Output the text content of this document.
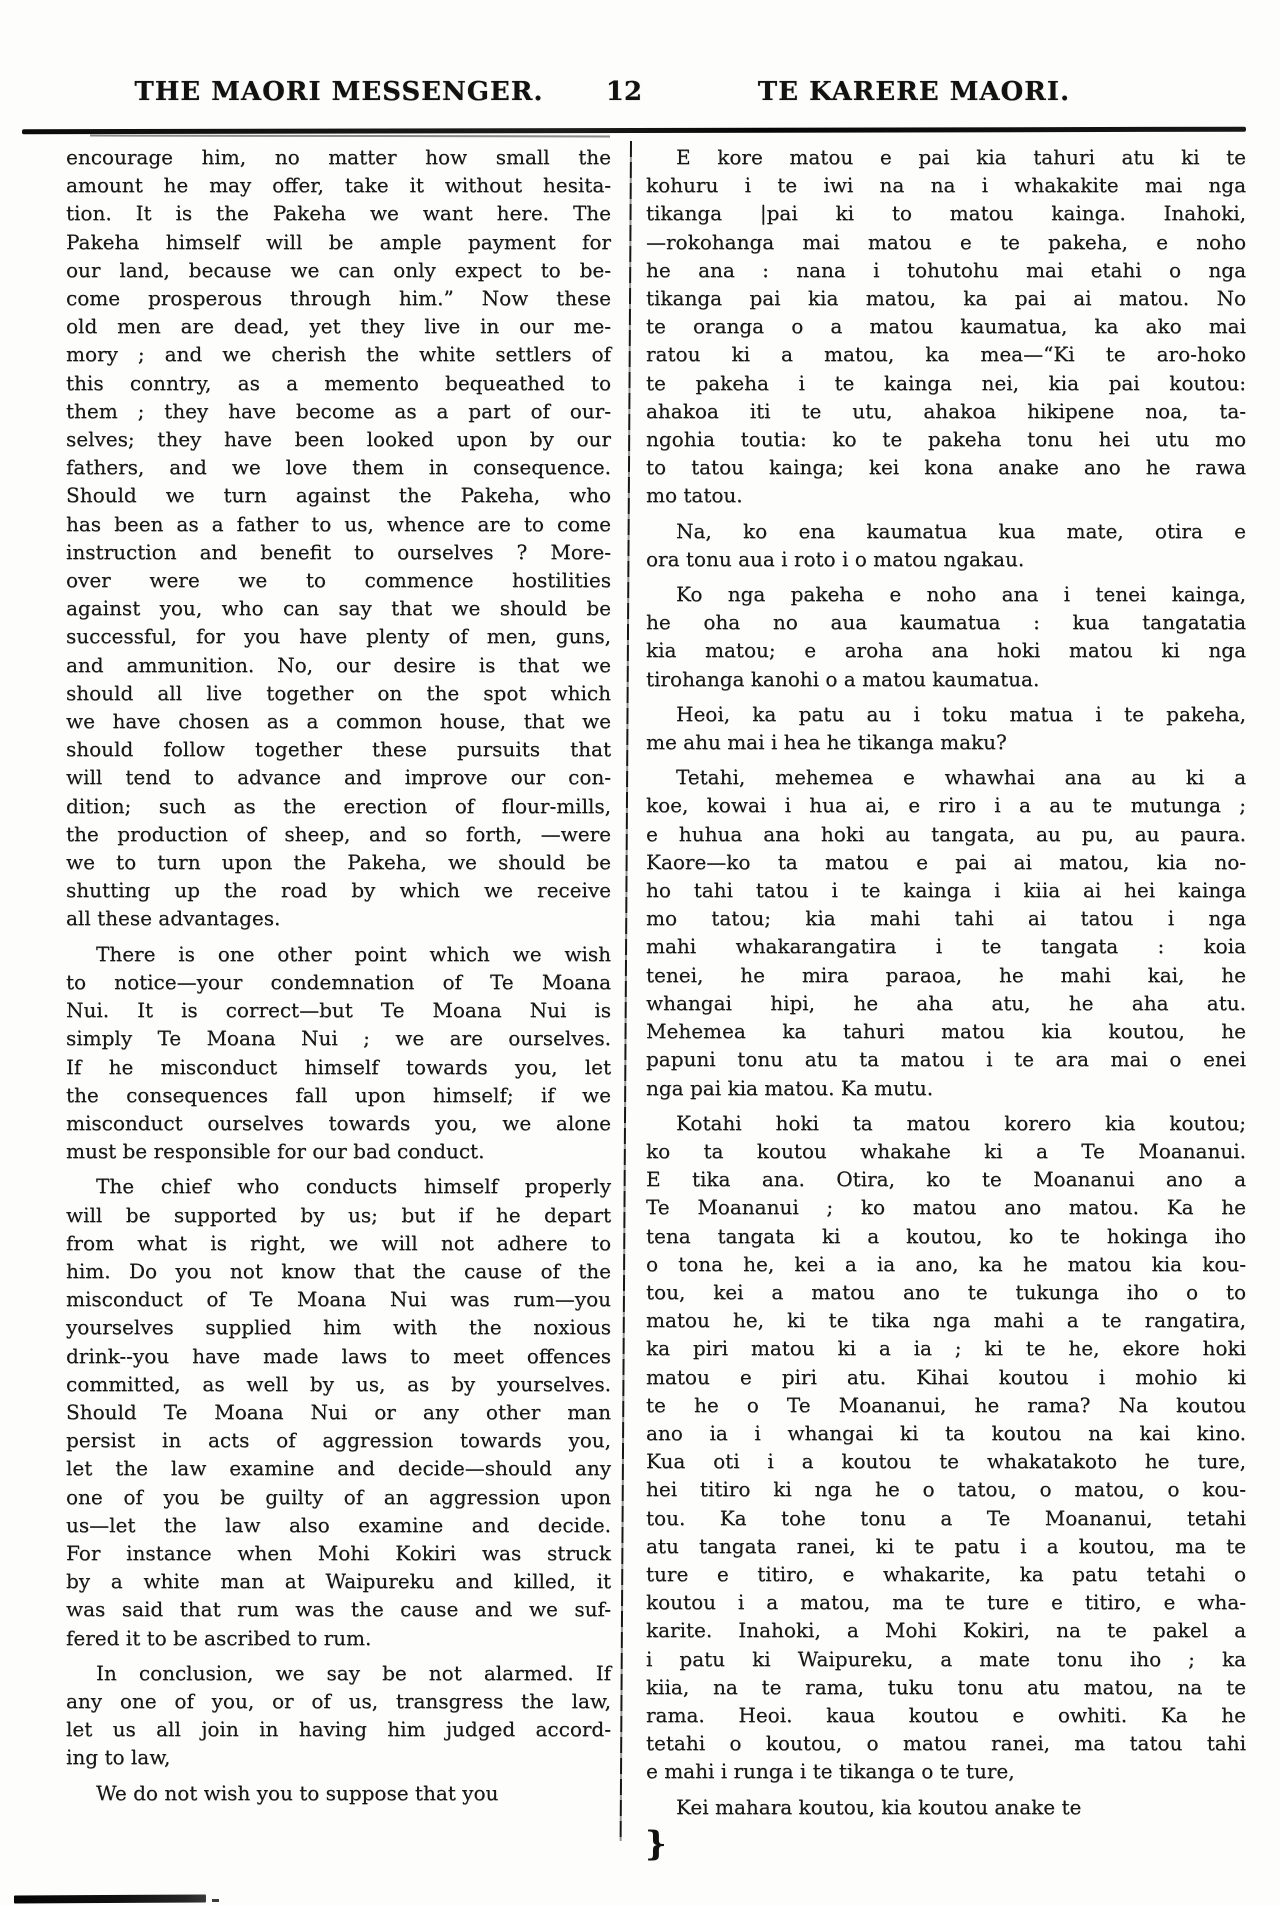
THE MAORI MESSENGER.	12	TE KARERE MAORI.
}
encourage him, no matter how small the
amount he may offer, take it without hesita-
tion. It is the Pakeha we want here. The
Pakeha himself will be ample payment for
our land, because we can only expect to be-
come prosperous through him.” Now these
old men are dead, yet they live in our me-
mory ; and we cherish the white settlers of
this conntry, as a memento bequeathed to
them ; they have become as a part of our-
selves; they have been looked upon by our
fathers, and we love them in consequence.
Should we turn against the Pakeha, who
has been as a father to us, whence are to come
instruction and benefit to ourselves ? More-
over were we to commence hostilities
against you, who can say that we should be
successful, for you have plenty of men, guns,
and ammunition. No, our desire is that we
should all live together on the spot which
we have chosen as a common house, that we
should follow together these pursuits that
will tend to advance and improve our con-
dition; such as the erection of flour-mills,
the production of sheep, and so forth, —were
we to turn upon the Pakeha, we should be
shutting up the road by which we receive
all these advantages.
There is one other point which we wish
to notice—your condemnation of Te Moana
Nui. It is correct—but Te Moana Nui is
simply Te Moana Nui ; we are ourselves.
If he misconduct himself towards you, let
the consequences fall upon himself; if we
misconduct ourselves towards you, we alone
must be responsible for our bad conduct.
The chief who conducts himself properly
will be supported by us; but if he depart
from what is right, we will not adhere to
him. Do you not know that the cause of the
misconduct of Te Moana Nui was rum—you
yourselves supplied him with the noxious
drink--you have made laws to meet offences
committed, as well by us, as by yourselves.
Should Te Moana Nui or any other man
persist in acts of aggression towards you,
let the law examine and decide—should any
one of you be guilty of an aggression upon
us—let the law also examine and decide.
For instance when Mohi Kokiri was struck
by a white man at Waipureku and killed, it
was said that rum was the cause and we suf-
fered it to be ascribed to rum.
In conclusion, we say be not alarmed. If
any one of you, or of us, transgress the law,
let us all join in having him judged accord-
ing to law,
We do not wish you to suppose that you
E kore matou e pai kia tahuri atu ki te
kohuru i te iwi na na i whakakite mai nga
tikanga |pai ki to matou kainga. Inahoki,
—rokohanga mai matou e te pakeha, e noho
he ana : nana i tohutohu mai etahi o nga
tikanga pai kia matou, ka pai ai matou. No
te oranga o a matou kaumatua, ka ako mai
ratou ki a matou, ka mea—“Ki te aro-hoko
te pakeha i te kainga nei, kia pai koutou:
ahakoa iti te utu, ahakoa hikipene noa, ta-
ngohia toutia: ko te pakeha tonu hei utu mo
to tatou kainga; kei kona anake ano he rawa
mo tatou.
Na, ko ena kaumatua kua mate, otira e
ora tonu aua i roto i o matou ngakau.
Ko nga pakeha e noho ana i tenei kainga,
he oha no aua kaumatua : kua tangatatia
kia matou; e aroha ana hoki matou ki nga
tirohanga kanohi o a matou kaumatua.
Heoi, ka patu au i toku matua i te pakeha,
me ahu mai i hea he tikanga maku?
Tetahi, mehemea e whawhai ana au ki a
koe, kowai i hua ai, e riro i a au te mutunga ;
e huhua ana hoki au tangata, au pu, au paura.
Kaore—ko ta matou e pai ai matou, kia no-
ho tahi tatou i te kainga i kiia ai hei kainga
mo tatou; kia mahi tahi ai tatou i nga
mahi whakarangatira i te tangata : koia
tenei, he mira paraoa, he mahi kai, he
whangai hipi, he aha atu, he aha atu.
Mehemea ka tahuri matou kia koutou, he
papuni tonu atu ta matou i te ara mai o enei
nga pai kia matou. Ka mutu.
Kotahi hoki ta matou korero kia koutou;
ko ta koutou whakahe ki a Te Moananui.
E tika ana. Otira, ko te Moananui ano a
Te Moananui ; ko matou ano matou. Ka he
tena tangata ki a koutou, ko te hokinga iho
o tona he, kei a ia ano, ka he matou kia kou-
tou, kei a matou ano te tukunga iho o to
matou he, ki te tika nga mahi a te rangatira,
ka piri matou ki a ia ; ki te he, ekore hoki
matou e piri atu. Kihai koutou i mohio ki
te he o Te Moananui, he rama? Na koutou
ano ia i whangai ki ta koutou na kai kino.
Kua oti i a koutou te whakatakoto he ture,
hei titiro ki nga he o tatou, o matou, o kou-
tou. Ka tohe tonu a Te Moananui, tetahi
atu tangata ranei, ki te patu i a koutou, ma te
ture e titiro, e whakarite, ka patu tetahi o
koutou i a matou, ma te ture e titiro, e wha-
karite. Inahoki, a Mohi Kokiri, na te pakel a
i patu ki Waipureku, a mate tonu iho ; ka
kiia, na te rama, tuku tonu atu matou, na te
rama. Heoi. kaua koutou e owhiti. Ka he
tetahi o koutou, o matou ranei, ma tatou tahi
e mahi i runga i te tikanga o te ture,
Kei mahara koutou, kia koutou anake te
